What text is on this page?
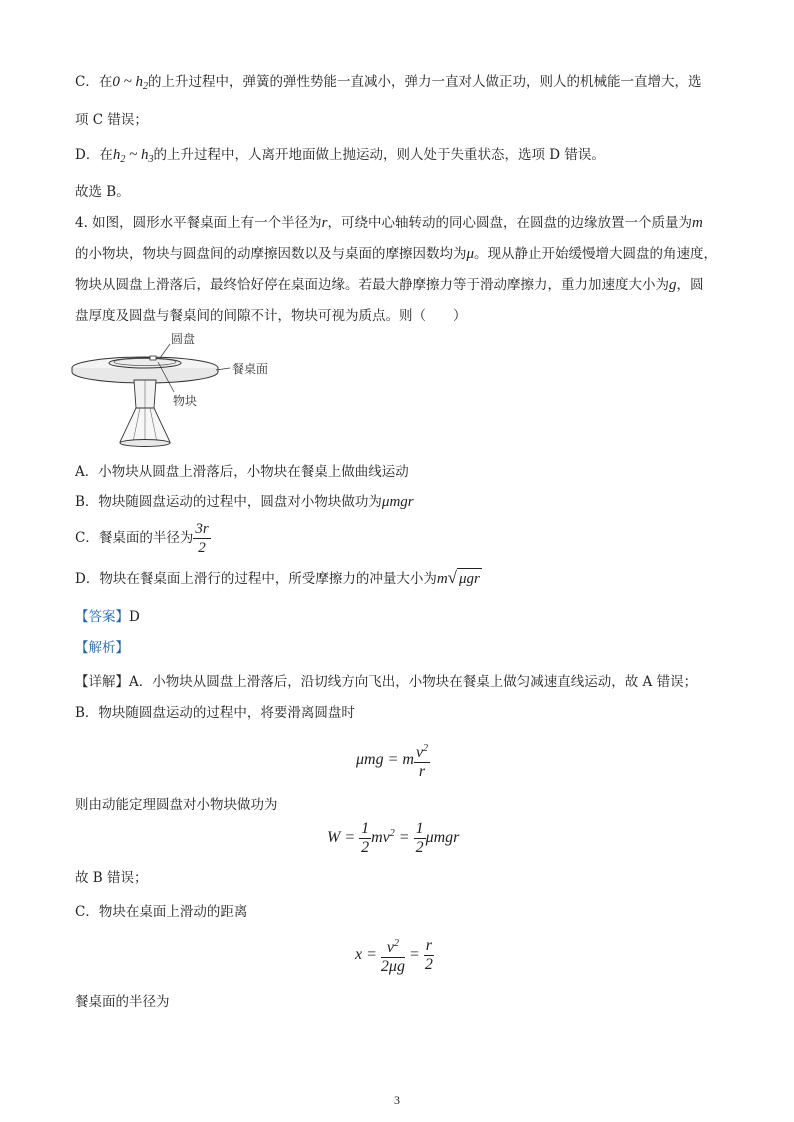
C．在0 ~ $h_2$的上升过程中，弹簧的弹性势能一直减小，弹力一直对人做正功，则人的机械能一直增大，选
项 C 错误；
D．在$h_2$ ~ $h_3$的上升过程中，人离开地面做上抛运动，则人处于失重状态，选项 D 错误。
故选 B。
4. 如图，圆形水平餐桌面上有一个半径为r，可绕中心轴转动的同心圆盘，在圆盘的边缘放置一个质量为m
的小物块，物块与圆盘间的动摩擦因数以及与桌面的摩擦因数均为μ。现从静止开始缓慢增大圆盘的角速度，
物块从圆盘上滑落后，最终恰好停在桌面边缘。若最大静摩擦力等于滑动摩擦力，重力加速度大小为g，圆
盘厚度及圆盘与餐桌间的间隙不计，物块可视为质点。则（　　）
圆盘
餐桌面
物块
A．小物块从圆盘上滑落后，小物块在餐桌上做曲线运动
B．物块随圆盘运动的过程中，圆盘对小物块做功为μmgr
C．餐桌面的半径为 $\frac{3r}{2}$
D．物块在餐桌面上滑行的过程中，所受摩擦力的冲量大小为m√ μgr
【答案】D
【解析】
【详解】A．小物块从圆盘上滑落后，沿切线方向飞出，小物块在餐桌上做匀减速直线运动，故 A 错误；
B．物块随圆盘运动的过程中，将要滑离圆盘时
μmg = m $\frac{v^2}{r}$
则由动能定理圆盘对小物块做功为
$W = \frac{1}{2} mv^2 = \frac{1}{2}$ μmgr
故 B 错误；
C．物块在桌面上滑动的距离
$x = \frac{v^2}{2\mu g} = \frac{r}{2}$
餐桌面的半径为
3
